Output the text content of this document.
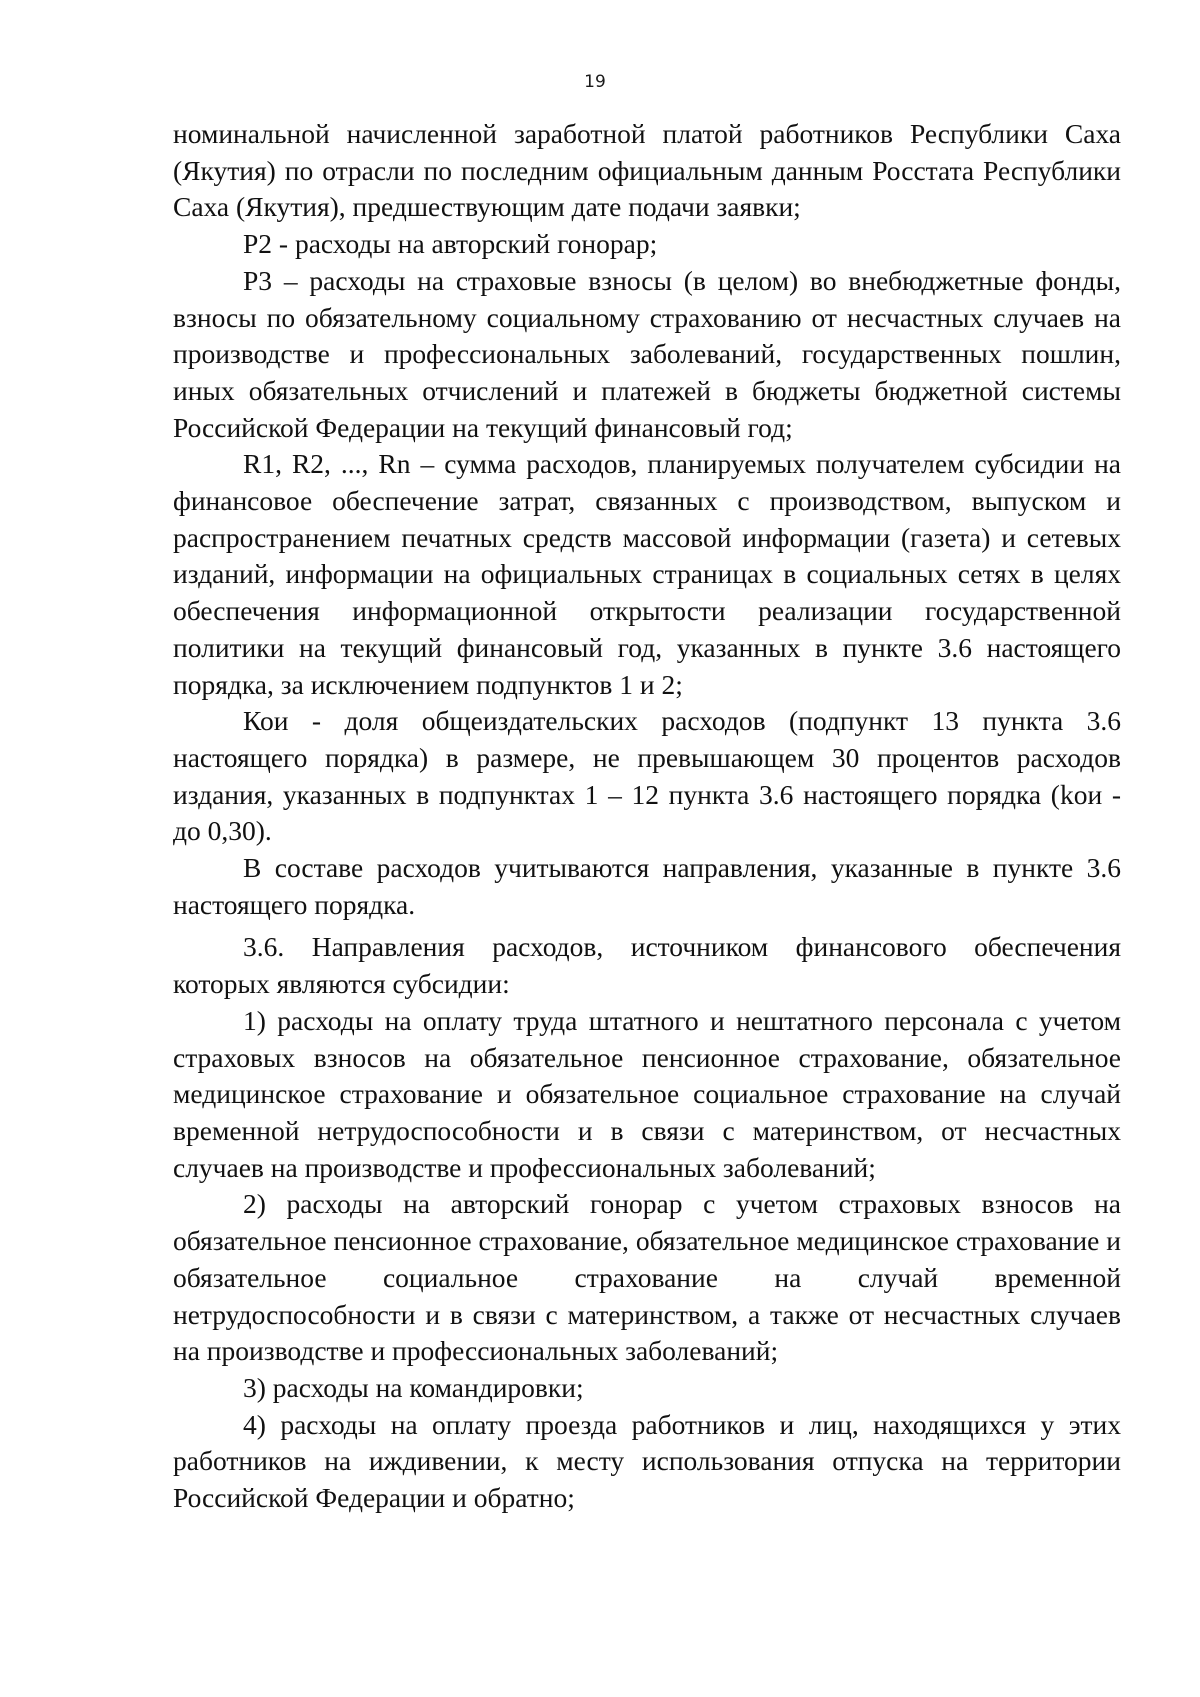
19

номинальной начисленной заработной платой работников Республики Саха (Якутия) по отрасли по последним официальным данным Росстата Республики Саха (Якутия), предшествующим дате подачи заявки;

Р2 - расходы на авторский гонорар;

Р3 – расходы на страховые взносы (в целом) во внебюджетные фонды, взносы по обязательному социальному страхованию от несчастных случаев на производстве и профессиональных заболеваний, государственных пошлин, иных обязательных отчислений и платежей в бюджеты бюджетной системы Российской Федерации на текущий финансовый год;

R1, R2, ..., Rn – сумма расходов, планируемых получателем субсидии на финансовое обеспечение затрат, связанных с производством, выпуском и распространением печатных средств массовой информации (газета) и сетевых изданий, информации на официальных страницах в социальных сетях в целях обеспечения информационной открытости реализации государственной политики на текущий финансовый год, указанных в пункте 3.6 настоящего порядка, за исключением подпунктов 1 и 2;

Кои - доля общеиздательских расходов (подпункт 13 пункта 3.6 настоящего порядка) в размере, не превышающем 30 процентов расходов издания, указанных в подпунктах 1 – 12 пункта 3.6 настоящего порядка (kои - до 0,30).

В составе расходов учитываются направления, указанные в пункте 3.6 настоящего порядка.

3.6. Направления расходов, источником финансового обеспечения которых являются субсидии:

1) расходы на оплату труда штатного и нештатного персонала с учетом страховых взносов на обязательное пенсионное страхование, обязательное медицинское страхование и обязательное социальное страхование на случай временной нетрудоспособности и в связи с материнством, от несчастных случаев на производстве и профессиональных заболеваний;

2) расходы на авторский гонорар с учетом страховых взносов на обязательное пенсионное страхование, обязательное медицинское страхование и обязательное социальное страхование на случай временной нетрудоспособности и в связи с материнством, а также от несчастных случаев на производстве и профессиональных заболеваний;

3) расходы на командировки;

4) расходы на оплату проезда работников и лиц, находящихся у этих работников на иждивении, к месту использования отпуска на территории Российской Федерации и обратно;
